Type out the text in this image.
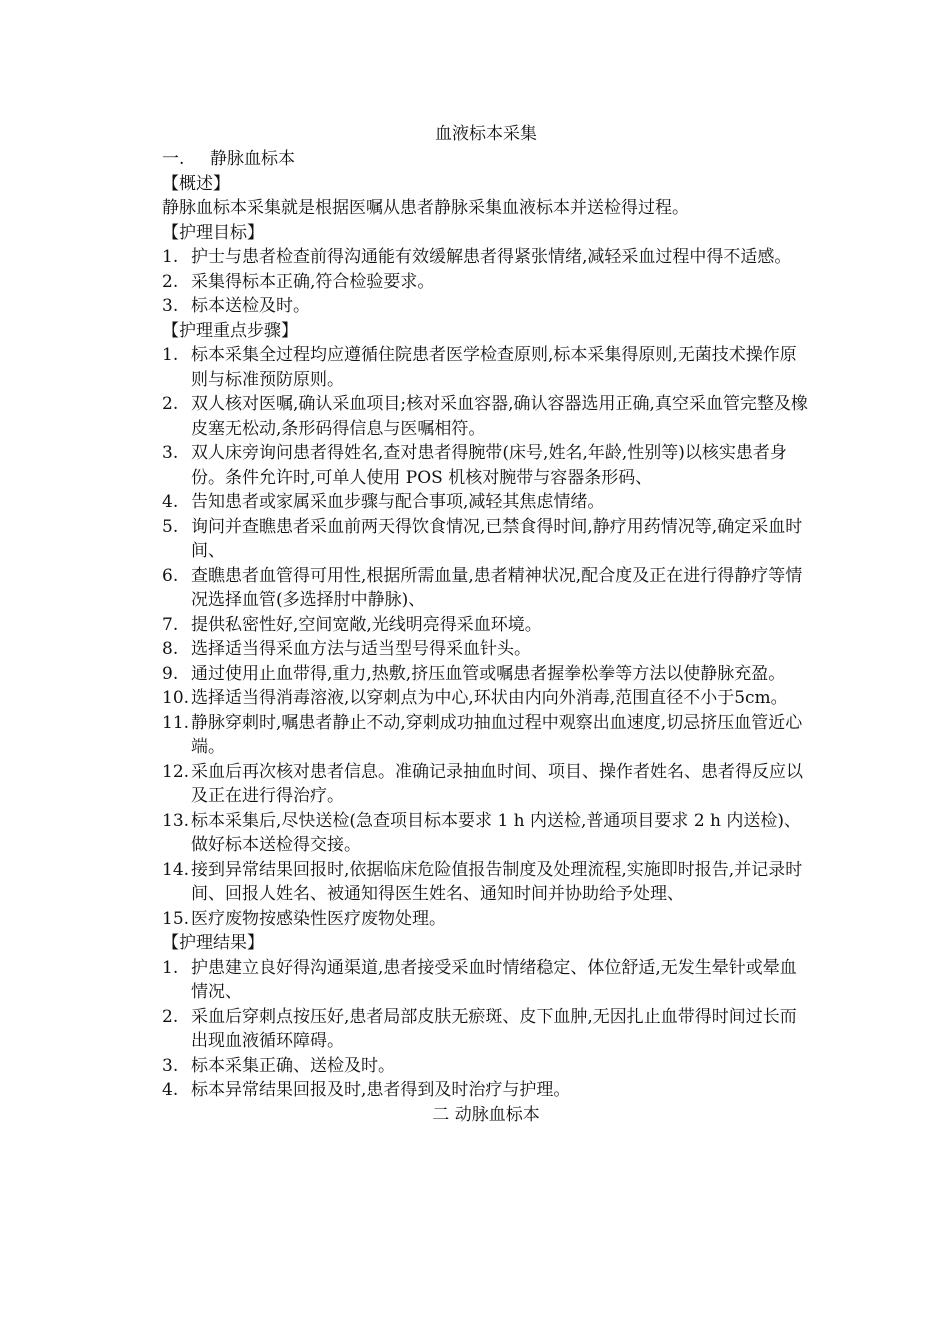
血液标本采集
一. 静脉血标本
【概述】
静脉血标本采集就是根据医嘱从患者静脉采集血液标本并送检得过程。
【护理目标】
1. 护士与患者检查前得沟通能有效缓解患者得紧张情绪,减轻采血过程中得不适感。
2. 采集得标本正确,符合检验要求。
3. 标本送检及时。
【护理重点步骤】
1. 标本采集全过程均应遵循住院患者医学检查原则,标本采集得原则,无菌技术操作原则与标准预防原则。
2. 双人核对医嘱,确认采血项目;核对采血容器,确认容器选用正确,真空采血管完整及橡皮塞无松动,条形码得信息与医嘱相符。
3. 双人床旁询问患者得姓名,查对患者得腕带(床号,姓名,年龄,性别等)以核实患者身份。条件允许时,可单人使用 POS 机核对腕带与容器条形码、
4. 告知患者或家属采血步骤与配合事项,减轻其焦虑情绪。
5. 询问并查瞧患者采血前两天得饮食情况,已禁食得时间,静疗用药情况等,确定采血时间、
6. 查瞧患者血管得可用性,根据所需血量,患者精神状况,配合度及正在进行得静疗等情况选择血管(多选择肘中静脉)、
7. 提供私密性好,空间宽敞,光线明亮得采血环境。
8. 选择适当得采血方法与适当型号得采血针头。
9. 通过使用止血带得,重力,热敷,挤压血管或嘱患者握拳松拳等方法以使静脉充盈。
10. 选择适当得消毒溶液,以穿刺点为中心,环状由内向外消毒,范围直径不小于5cm。
11. 静脉穿刺时,嘱患者静止不动,穿刺成功抽血过程中观察出血速度,切忌挤压血管近心端。
12. 采血后再次核对患者信息。准确记录抽血时间、项目、操作者姓名、患者得反应以及正在进行得治疗。
13. 标本采集后,尽快送检(急查项目标本要求 1 h 内送检,普通项目要求 2 h 内送检)、做好标本送检得交接。
14. 接到异常结果回报时,依据临床危险值报告制度及处理流程,实施即时报告,并记录时间、回报人姓名、被通知得医生姓名、通知时间并协助给予处理、
15. 医疗废物按感染性医疗废物处理。
【护理结果】
1. 护患建立良好得沟通渠道,患者接受采血时情绪稳定、体位舒适,无发生晕针或晕血情况、
2. 采血后穿刺点按压好,患者局部皮肤无瘀斑、皮下血肿,无因扎止血带得时间过长而出现血液循环障碍。
3. 标本采集正确、送检及时。
4. 标本异常结果回报及时,患者得到及时治疗与护理。
二 动脉血标本
